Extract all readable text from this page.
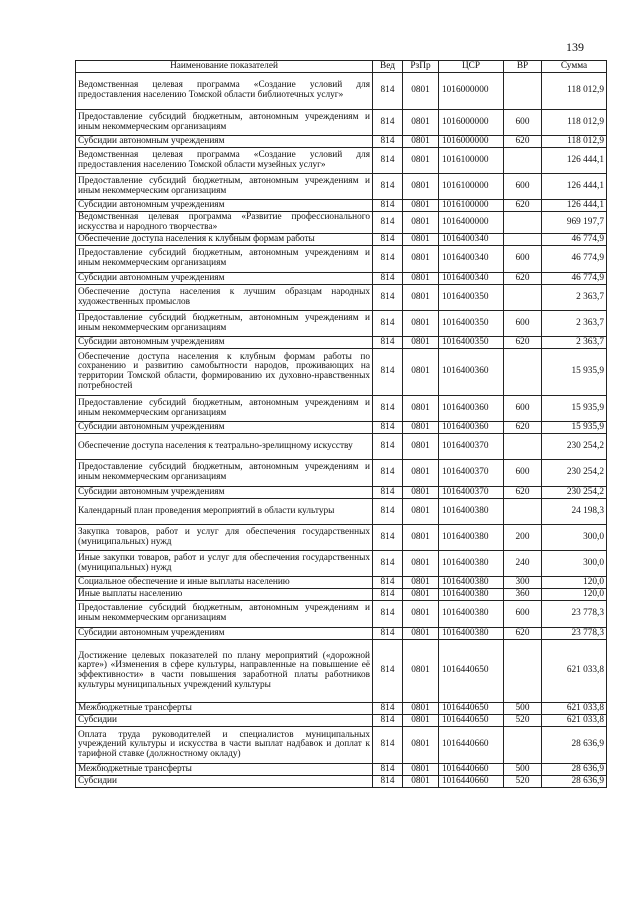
139
Наименование показателей	Вед	РзПр	ЦСР	ВР	Сумма
Ведомственная целевая программа «Создание условий для предоставления населению Томской области библиотечных услуг»	814	0801	1016000000		118 012,9
Предоставление субсидий бюджетным, автономным учреждениям и иным некоммерческим организациям	814	0801	1016000000	600	118 012,9
Субсидии автономным учреждениям	814	0801	1016000000	620	118 012,9
Ведомственная целевая программа «Создание условий для предоставления населению Томской области музейных услуг»	814	0801	1016100000		126 444,1
Предоставление субсидий бюджетным, автономным учреждениям и иным некоммерческим организациям	814	0801	1016100000	600	126 444,1
Субсидии автономным учреждениям	814	0801	1016100000	620	126 444,1
Ведомственная целевая программа «Развитие профессионального искусства и народного творчества»	814	0801	1016400000		969 197,7
Обеспечение доступа населения к клубным формам работы	814	0801	1016400340		46 774,9
Предоставление субсидий бюджетным, автономным учреждениям и иным некоммерческим организациям	814	0801	1016400340	600	46 774,9
Субсидии автономным учреждениям	814	0801	1016400340	620	46 774,9
Обеспечение доступа населения к лучшим образцам народных художественных промыслов	814	0801	1016400350		2 363,7
Предоставление субсидий бюджетным, автономным учреждениям и иным некоммерческим организациям	814	0801	1016400350	600	2 363,7
Субсидии автономным учреждениям	814	0801	1016400350	620	2 363,7
Обеспечение доступа населения к клубным формам работы по сохранению и развитию самобытности народов, проживающих на территории Томской области, формированию их духовно-нравственных потребностей	814	0801	1016400360		15 935,9
Предоставление субсидий бюджетным, автономным учреждениям и иным некоммерческим организациям	814	0801	1016400360	600	15 935,9
Субсидии автономным учреждениям	814	0801	1016400360	620	15 935,9
Обеспечение доступа населения к театрально-зрелищному искусству	814	0801	1016400370		230 254,2
Предоставление субсидий бюджетным, автономным учреждениям и иным некоммерческим организациям	814	0801	1016400370	600	230 254,2
Субсидии автономным учреждениям	814	0801	1016400370	620	230 254,2
Календарный план проведения мероприятий в области культуры	814	0801	1016400380		24 198,3
Закупка товаров, работ и услуг для обеспечения государственных (муниципальных) нужд	814	0801	1016400380	200	300,0
Иные закупки товаров, работ и услуг для обеспечения государственных (муниципальных) нужд	814	0801	1016400380	240	300,0
Социальное обеспечение и иные выплаты населению	814	0801	1016400380	300	120,0
Иные выплаты населению	814	0801	1016400380	360	120,0
Предоставление субсидий бюджетным, автономным учреждениям и иным некоммерческим организациям	814	0801	1016400380	600	23 778,3
Субсидии автономным учреждениям	814	0801	1016400380	620	23 778,3
Достижение целевых показателей по плану мероприятий («дорожной карте») «Изменения в сфере культуры, направленные на повышение её эффективности» в части повышения заработной платы работников культуры муниципальных учреждений культуры	814	0801	1016440650		621 033,8
Межбюджетные трансферты	814	0801	1016440650	500	621 033,8
Субсидии	814	0801	1016440650	520	621 033,8
Оплата труда руководителей и специалистов муниципальных учреждений культуры и искусства в части выплат надбавок и доплат к тарифной ставке (должностному окладу)	814	0801	1016440660		28 636,9
Межбюджетные трансферты	814	0801	1016440660	500	28 636,9
Субсидии	814	0801	1016440660	520	28 636,9
